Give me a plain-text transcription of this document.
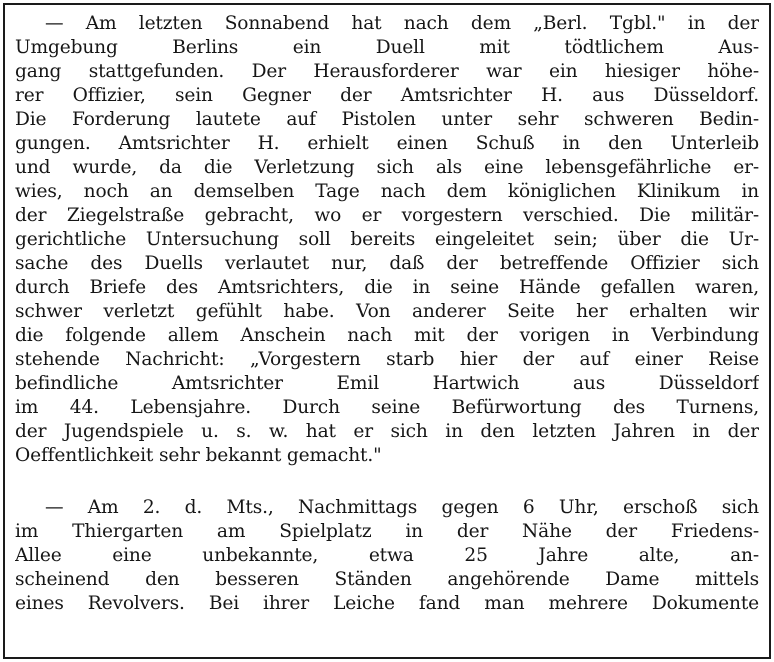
— Am letzten Sonnabend hat nach dem „Berl. Tgbl." in der
Umgebung Berlins ein Duell mit tödtlichem Aus-
gang stattgefunden. Der Herausforderer war ein hiesiger höhe-
rer Offizier, sein Gegner der Amtsrichter H. aus Düsseldorf.
Die Forderung lautete auf Pistolen unter sehr schweren Bedin-
gungen. Amtsrichter H. erhielt einen Schuß in den Unterleib
und wurde, da die Verletzung sich als eine lebensgefährliche er-
wies, noch an demselben Tage nach dem königlichen Klinikum in
der Ziegelstraße gebracht, wo er vorgestern verschied. Die militär-
gerichtliche Untersuchung soll bereits eingeleitet sein; über die Ur-
sache des Duells verlautet nur, daß der betreffende Offizier sich
durch Briefe des Amtsrichters, die in seine Hände gefallen waren,
schwer verletzt gefühlt habe. Von anderer Seite her erhalten wir
die folgende allem Anschein nach mit der vorigen in Verbindung
stehende Nachricht: „Vorgestern starb hier der auf einer Reise
befindliche Amtsrichter Emil Hartwich aus Düsseldorf
im 44. Lebensjahre. Durch seine Befürwortung des Turnens,
der Jugendspiele u. s. w. hat er sich in den letzten Jahren in der
Oeffentlichkeit sehr bekannt gemacht."
— Am 2. d. Mts., Nachmittags gegen 6 Uhr, erschoß sich
im Thiergarten am Spielplatz in der Nähe der Friedens-
Allee eine unbekannte, etwa 25 Jahre alte, an-
scheinend den besseren Ständen angehörende Dame mittels
eines Revolvers. Bei ihrer Leiche fand man mehrere Dokumente
